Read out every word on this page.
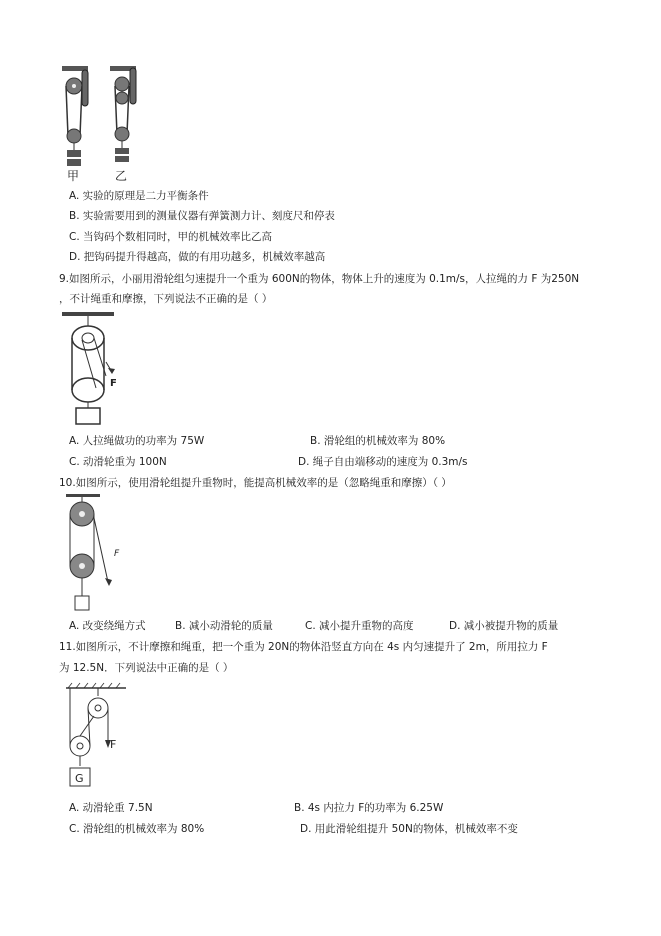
甲	乙
A. 实验的原理是二力平衡条件
B. 实验需要用到的测量仪器有弹簧测力计、刻度尺和停表
C. 当钩码个数相同时，甲的机械效率比乙高
D. 把钩码提升得越高，做的有用功越多，机械效率越高
9.如图所示，小丽用滑轮组匀速提升一个重为 600N的物体，物体上升的速度为 0.1m/s，人拉绳的力 F 为250N
，不计绳重和摩擦，下列说法不正确的是（ ）
F
A. 人拉绳做功的功率为 75W	B. 滑轮组的机械效率为 80%
C. 动滑轮重为 100N	D. 绳子自由端移动的速度为 0.3m/s
10.如图所示，使用滑轮组提升重物时，能提高机械效率的是（忽略绳重和摩擦）（ ）
F
A. 改变绕绳方式	B. 减小动滑轮的质量	C. 减小提升重物的高度	D. 减小被提升物的质量
11.如图所示，不计摩擦和绳重，把一个重为 20N的物体沿竖直方向在 4s 内匀速提升了 2m，所用拉力 F
为 12.5N．下列说法中正确的是（ ）
F
G
A. 动滑轮重 7.5N	B. 4s 内拉力 F的功率为 6.25W
C. 滑轮组的机械效率为 80%	D. 用此滑轮组提升 50N的物体，机械效率不变
